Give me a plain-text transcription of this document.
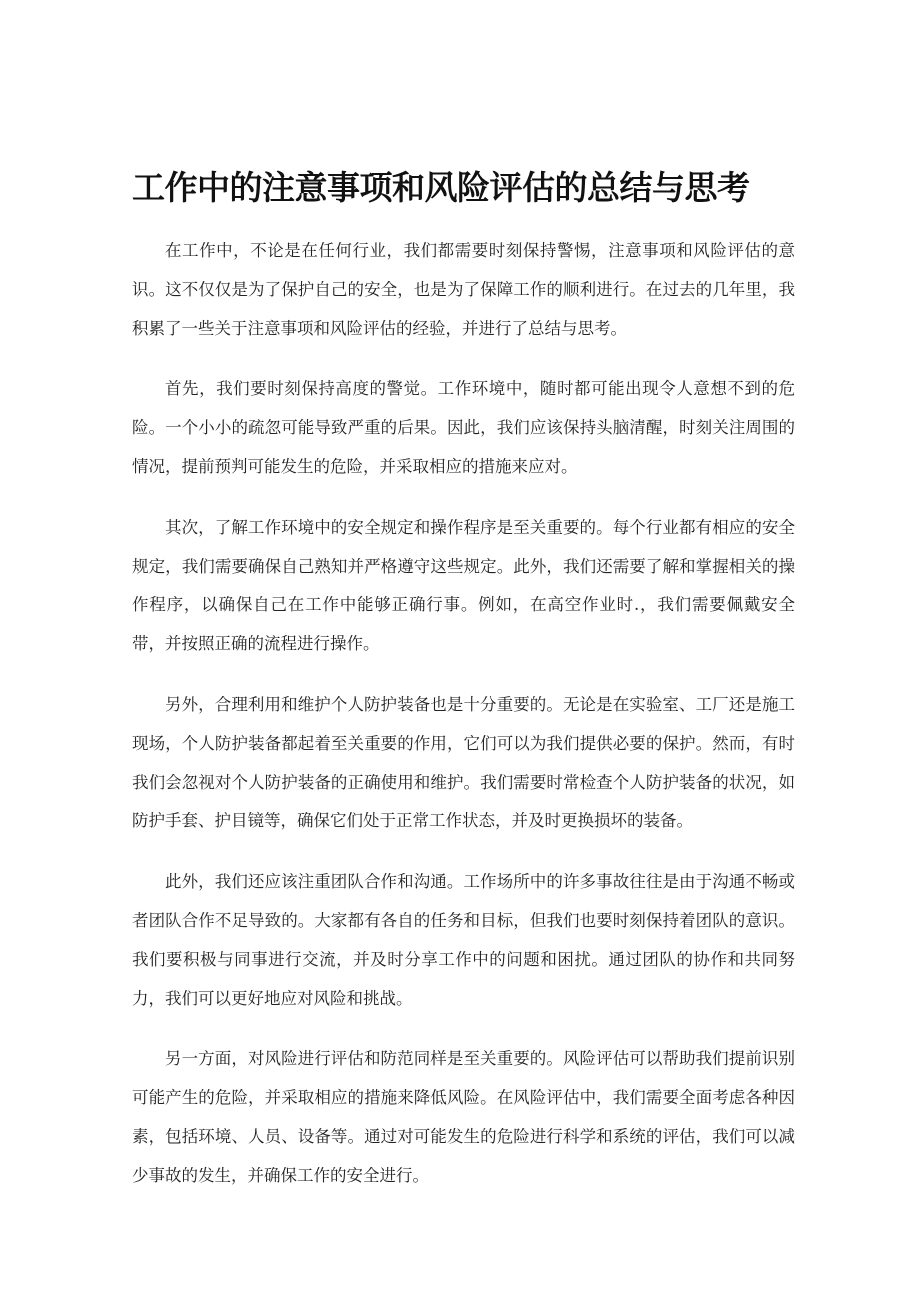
工作中的注意事项和风险评估的总结与思考

在工作中，不论是在任何行业，我们都需要时刻保持警惕，注意事项和风险评估的意识。这不仅仅是为了保护自己的安全，也是为了保障工作的顺利进行。在过去的几年里，我积累了一些关于注意事项和风险评估的经验，并进行了总结与思考。

首先，我们要时刻保持高度的警觉。工作环境中，随时都可能出现令人意想不到的危险。一个小小的疏忽可能导致严重的后果。因此，我们应该保持头脑清醒，时刻关注周围的情况，提前预判可能发生的危险，并采取相应的措施来应对。

其次，了解工作环境中的安全规定和操作程序是至关重要的。每个行业都有相应的安全规定，我们需要确保自己熟知并严格遵守这些规定。此外，我们还需要了解和掌握相关的操作程序，以确保自己在工作中能够正确行事。例如，在高空作业时.，我们需要佩戴安全带，并按照正确的流程进行操作。

另外，合理利用和维护个人防护装备也是十分重要的。无论是在实验室、工厂还是施工现场，个人防护装备都起着至关重要的作用，它们可以为我们提供必要的保护。然而，有时我们会忽视对个人防护装备的正确使用和维护。我们需要时常检查个人防护装备的状况，如防护手套、护目镜等，确保它们处于正常工作状态，并及时更换损坏的装备。

此外，我们还应该注重团队合作和沟通。工作场所中的许多事故往往是由于沟通不畅或者团队合作不足导致的。大家都有各自的任务和目标，但我们也要时刻保持着团队的意识。我们要积极与同事进行交流，并及时分享工作中的问题和困扰。通过团队的协作和共同努力，我们可以更好地应对风险和挑战。

另一方面，对风险进行评估和防范同样是至关重要的。风险评估可以帮助我们提前识别可能产生的危险，并采取相应的措施来降低风险。在风险评估中，我们需要全面考虑各种因素，包括环境、人员、设备等。通过对可能发生的危险进行科学和系统的评估，我们可以减少事故的发生，并确保工作的安全进行。
